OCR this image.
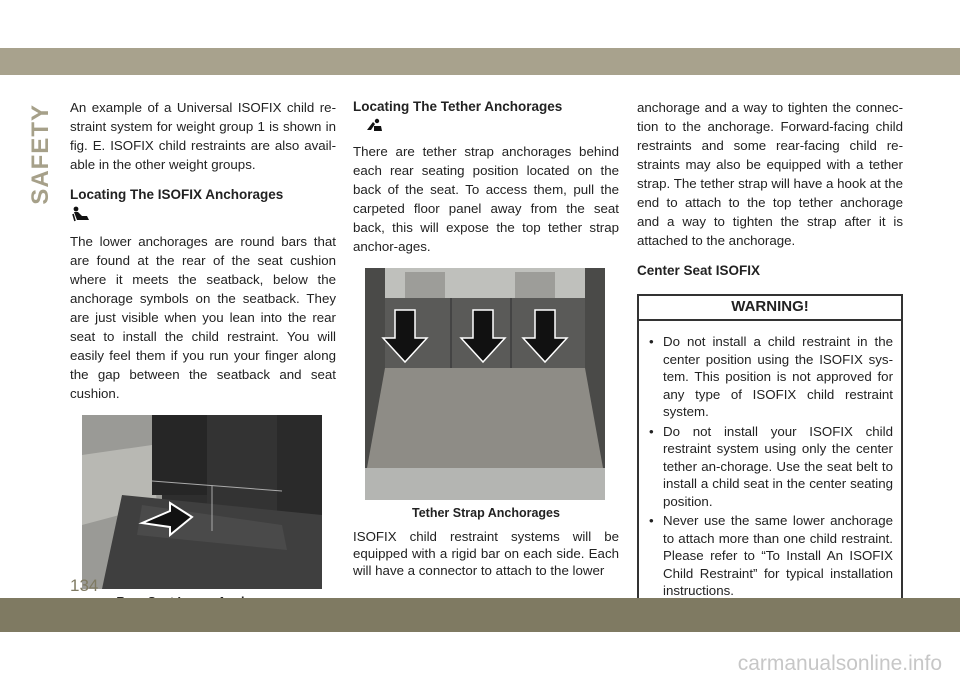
SAFETY An example of a Universal ISOFIX child re-straint system for weight group 1 is shown in fig. E. ISOFIX child restraints are also avail-able in the other weight groups.

Locating The ISOFIX Anchorages

The lower anchorages are round bars that are found at the rear of the seat cushion where it meets the seatback, below the anchorage symbols on the seatback. They are just visible when you lean into the rear seat to install the child restraint. You will easily feel them if you run your finger along the gap between the seatback and seat cushion.

Locating The Tether Anchorages

There are tether strap anchorages behind each rear seating position located on the back of the seat. To access them, pull the carpeted floor panel away from the seat back, this will expose the top tether strap anchor-ages.

Tether Strap Anchorages

ISOFIX child restraint systems will be equipped with a rigid bar on each side. Each will have a connector to attach to the lower

anchorage and a way to tighten the connec-tion to the anchorage. Forward-facing child restraints and some rear-facing child re-straints may also be equipped with a tether strap. The tether strap will have a hook at the end to attach to the top tether anchorage and a way to tighten the strap after it is attached to the anchorage.

Center Seat ISOFIX
WARNING!
• Do not install a child restraint in the center position using the ISOFIX sys-tem. This position is not approved for any type of ISOFIX child restraint system.
• Do not install your ISOFIX child restraint system using only the center tether an-chorage. Use the seat belt to install a child seat in the center seating position.
• Never use the same lower anchorage to attach more than one child restraint. Please refer to “To Install An ISOFIX Child Restraint” for typical installation instructions.
134
carmanualsonline.info
